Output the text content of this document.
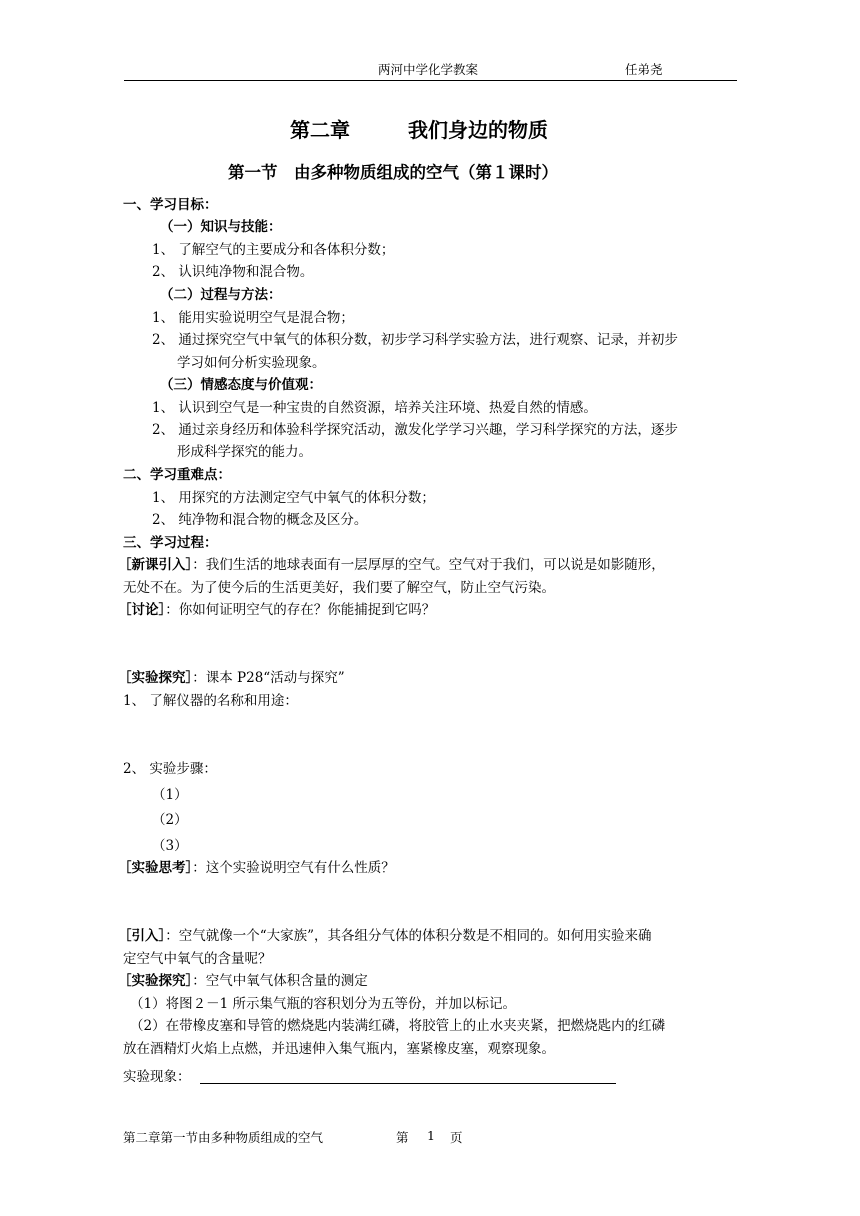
两河中学化学教案	任弟尧
第二章	我们身边的物质
第一节　由多种物质组成的空气（第１课时）
一、学习目标：
（一）知识与技能：
1、 了解空气的主要成分和各体积分数；
2、 认识纯净物和混合物。
（二）过程与方法：
1、 能用实验说明空气是混合物；
2、 通过探究空气中氧气的体积分数，初步学习科学实验方法，进行观察、记录，并初步
学习如何分析实验现象。
（三）情感态度与价值观：
1、 认识到空气是一种宝贵的自然资源，培养关注环境、热爱自然的情感。
2、 通过亲身经历和体验科学探究活动，激发化学学习兴趣，学习科学探究的方法，逐步
形成科学探究的能力。
二、学习重难点：
1、 用探究的方法测定空气中氧气的体积分数；
2、 纯净物和混合物的概念及区分。
三、学习过程：
［新课引入］：我们生活的地球表面有一层厚厚的空气。空气对于我们，可以说是如影随形，
无处不在。为了使今后的生活更美好，我们要了解空气，防止空气污染。
［讨论］：你如何证明空气的存在？你能捕捉到它吗？
［实验探究］：课本 P28“活动与探究”
1、 了解仪器的名称和用途：
2、 实验步骤：
（1）
（2）
（3）
［实验思考］：这个实验说明空气有什么性质？
［引入］：空气就像一个“大家族”，其各组分气体的体积分数是不相同的。如何用实验来确
定空气中氧气的含量呢？
［实验探究］：空气中氧气体积含量的测定
（1）将图２－1 所示集气瓶的容积划分为五等份，并加以标记。
（2）在带橡皮塞和导管的燃烧匙内装满红磷，将胶管上的止水夹夹紧，把燃烧匙内的红磷
放在酒精灯火焰上点燃，并迅速伸入集气瓶内，塞紧橡皮塞，观察现象。
实验现象：
第二章第一节由多种物质组成的空气	第 1 页
